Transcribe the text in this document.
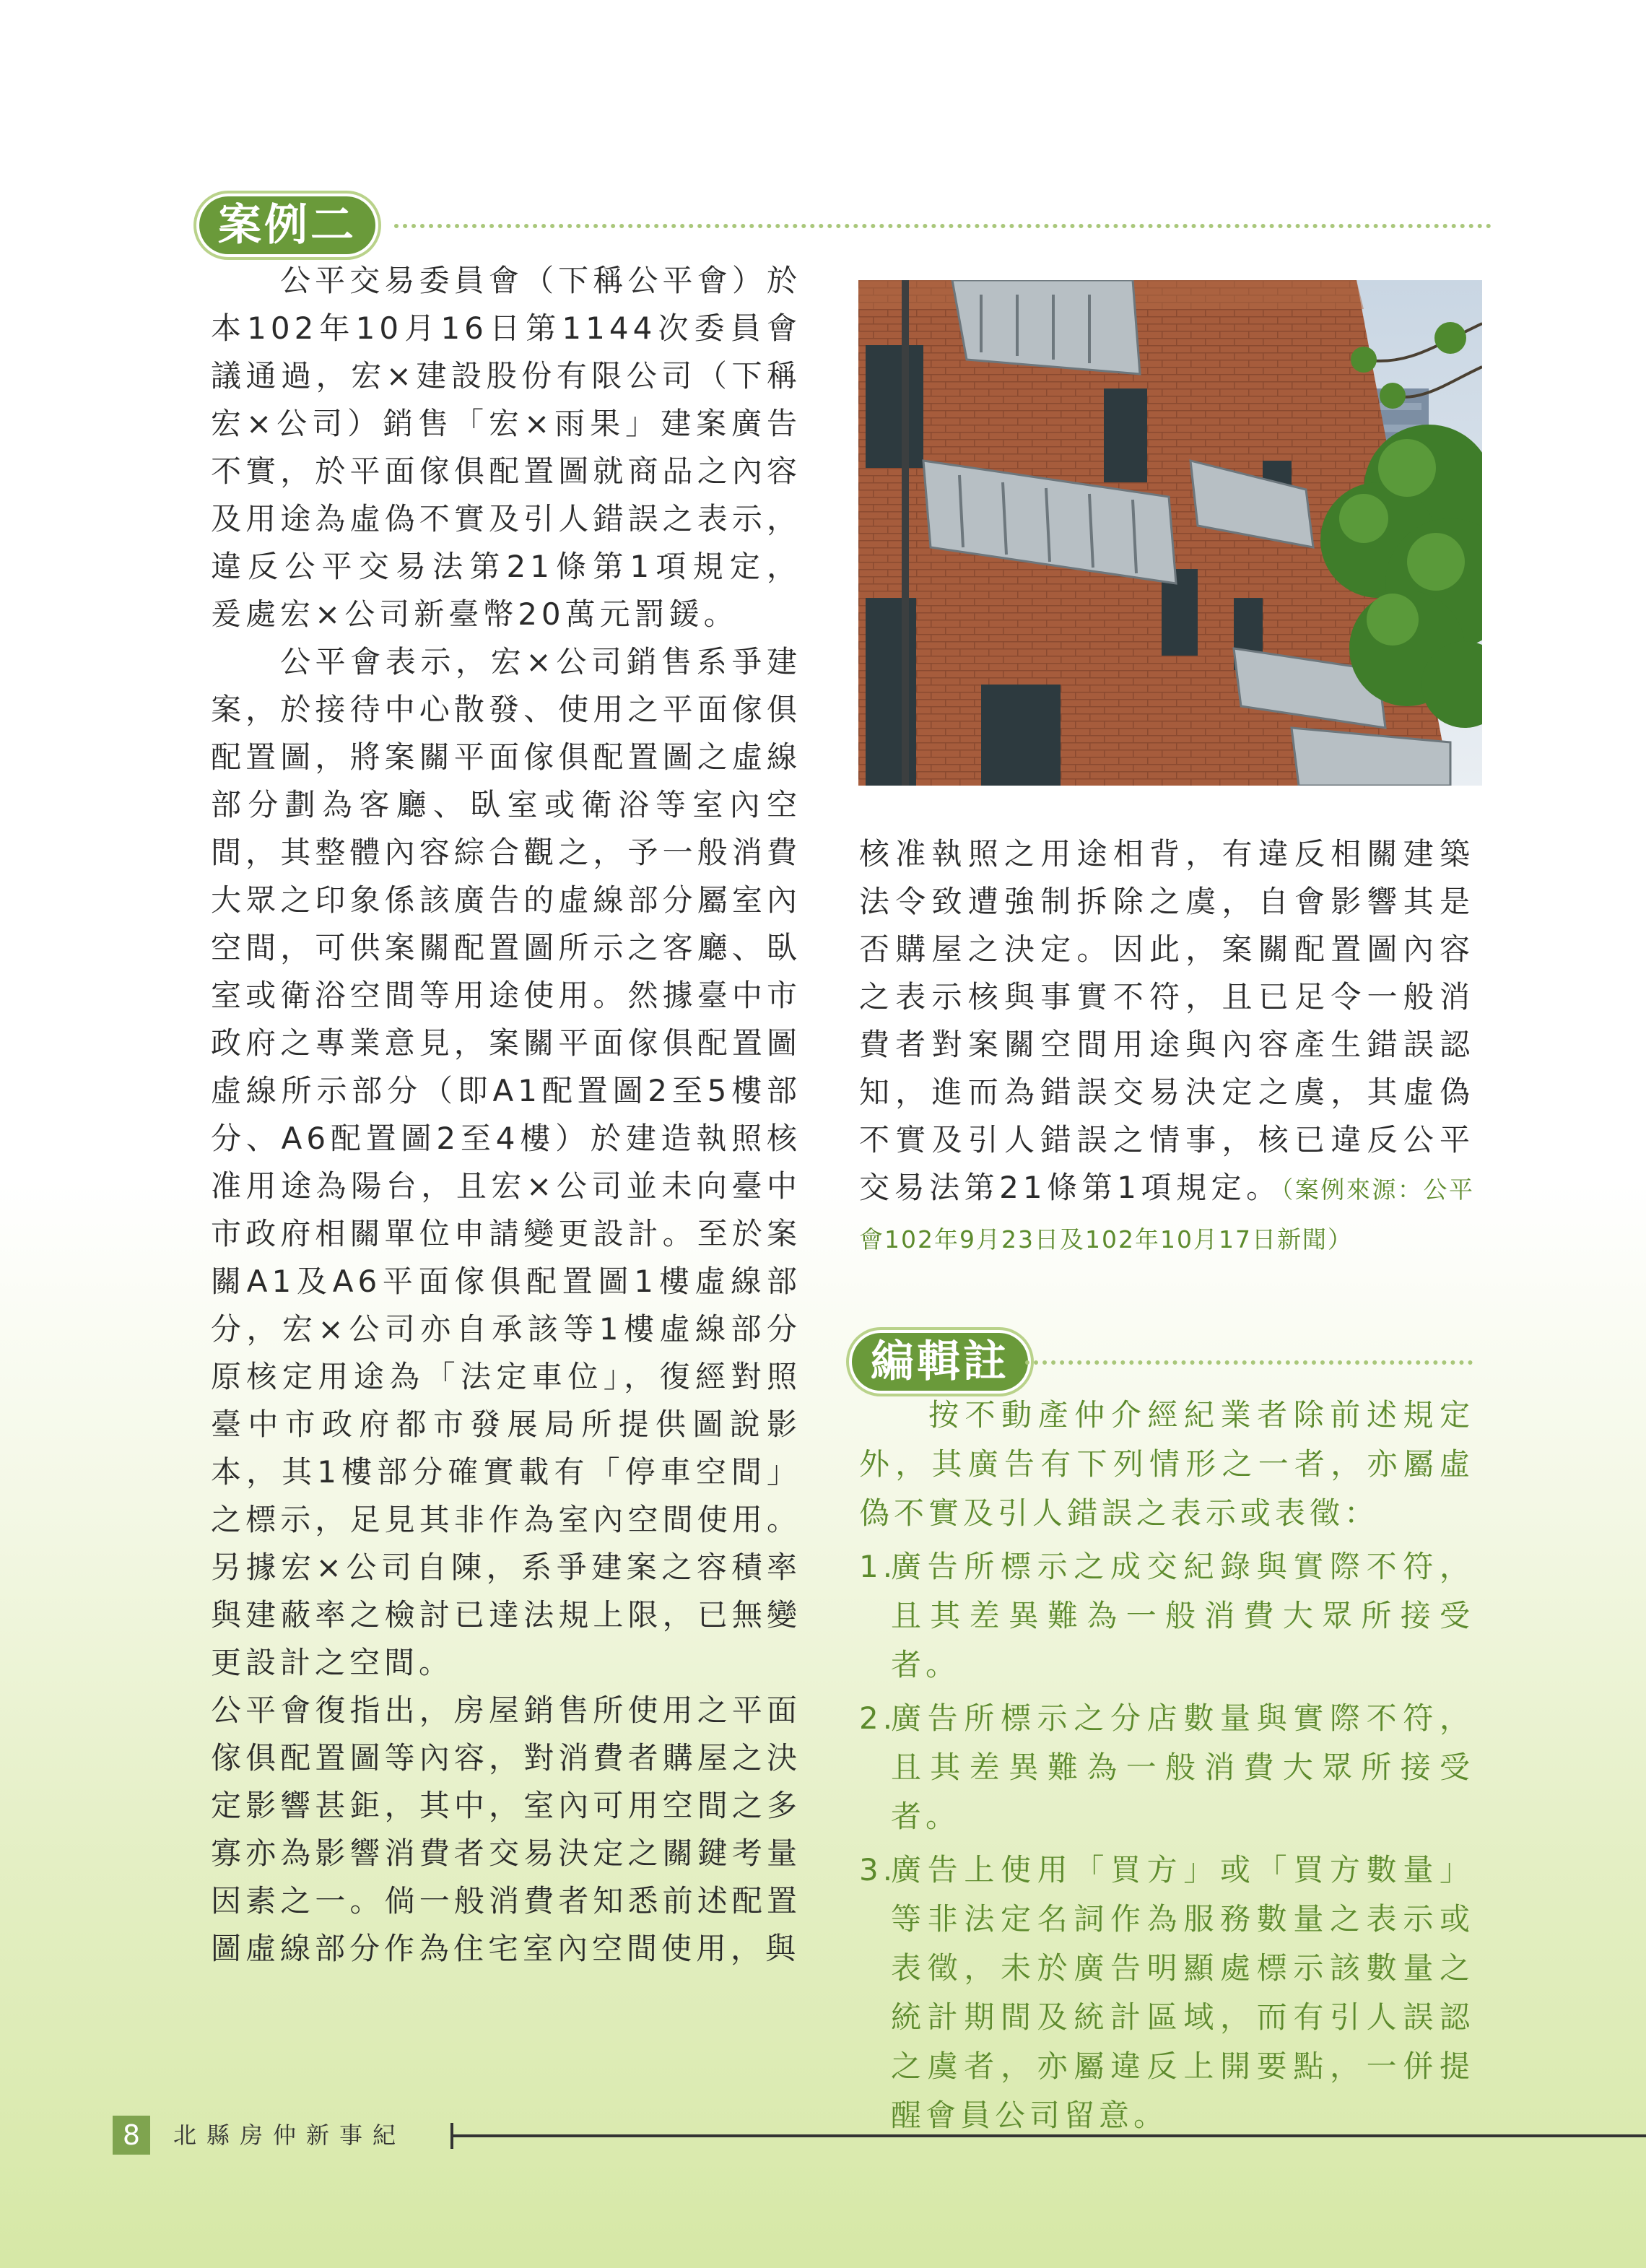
案例二

公平交易委員會（下稱公平會）於本102年10月16日第1144次委員會議通過，宏×建設股份有限公司（下稱宏×公司）銷售「宏×雨果」建案廣告不實，於平面傢俱配置圖就商品之內容及用途為虛偽不實及引人錯誤之表示，違反公平交易法第21條第1項規定，爰處宏×公司新臺幣20萬元罰鍰。

公平會表示，宏×公司銷售系爭建案，於接待中心散發、使用之平面傢俱配置圖，將案關平面傢俱配置圖之虛線部分劃為客廳、臥室或衛浴等室內空間，其整體內容綜合觀之，予一般消費大眾之印象係該廣告的虛線部分屬室內空間，可供案關配置圖所示之客廳、臥室或衛浴空間等用途使用。然據臺中市政府之專業意見，案關平面傢俱配置圖虛線所示部分（即A1配置圖2至5樓部分、A6配置圖2至4樓）於建造執照核准用途為陽台，且宏×公司並未向臺中市政府相關單位申請變更設計。至於案關A1及A6平面傢俱配置圖1樓虛線部分，宏×公司亦自承該等1樓虛線部分原核定用途為「法定車位」，復經對照臺中市政府都市發展局所提供圖說影本，其1樓部分確實載有「停車空間」之標示，足見其非作為室內空間使用。另據宏×公司自陳，系爭建案之容積率與建蔽率之檢討已達法規上限，已無變更設計之空間。

公平會復指出，房屋銷售所使用之平面傢俱配置圖等內容，對消費者購屋之決定影響甚鉅，其中，室內可用空間之多寡亦為影響消費者交易決定之關鍵考量因素之一。倘一般消費者知悉前述配置圖虛線部分作為住宅室內空間使用，與

核准執照之用途相背，有違反相關建築法令致遭強制拆除之虞，自會影響其是否購屋之決定。因此，案關配置圖內容之表示核與事實不符，且已足令一般消費者對案關空間用途與內容產生錯誤認知，進而為錯誤交易決定之虞，其虛偽不實及引人錯誤之情事，核已違反公平交易法第21條第1項規定。（案例來源：公平會102年9月23日及102年10月17日新聞）

編輯註

按不動產仲介經紀業者除前述規定外，其廣告有下列情形之一者，亦屬虛偽不實及引人錯誤之表示或表徵：

1.
廣告所標示之成交紀錄與實際不符，且其差異難為一般消費大眾所接受者。
2.
廣告所標示之分店數量與實際不符，且其差異難為一般消費大眾所接受者。
3.
廣告上使用「買方」或「買方數量」等非法定名詞作為服務數量之表示或表徵，未於廣告明顯處標示該數量之統計期間及統計區域，而有引人誤認之虞者，亦屬違反上開要點，一併提醒會員公司留意。
8	北縣房仲新事紀
